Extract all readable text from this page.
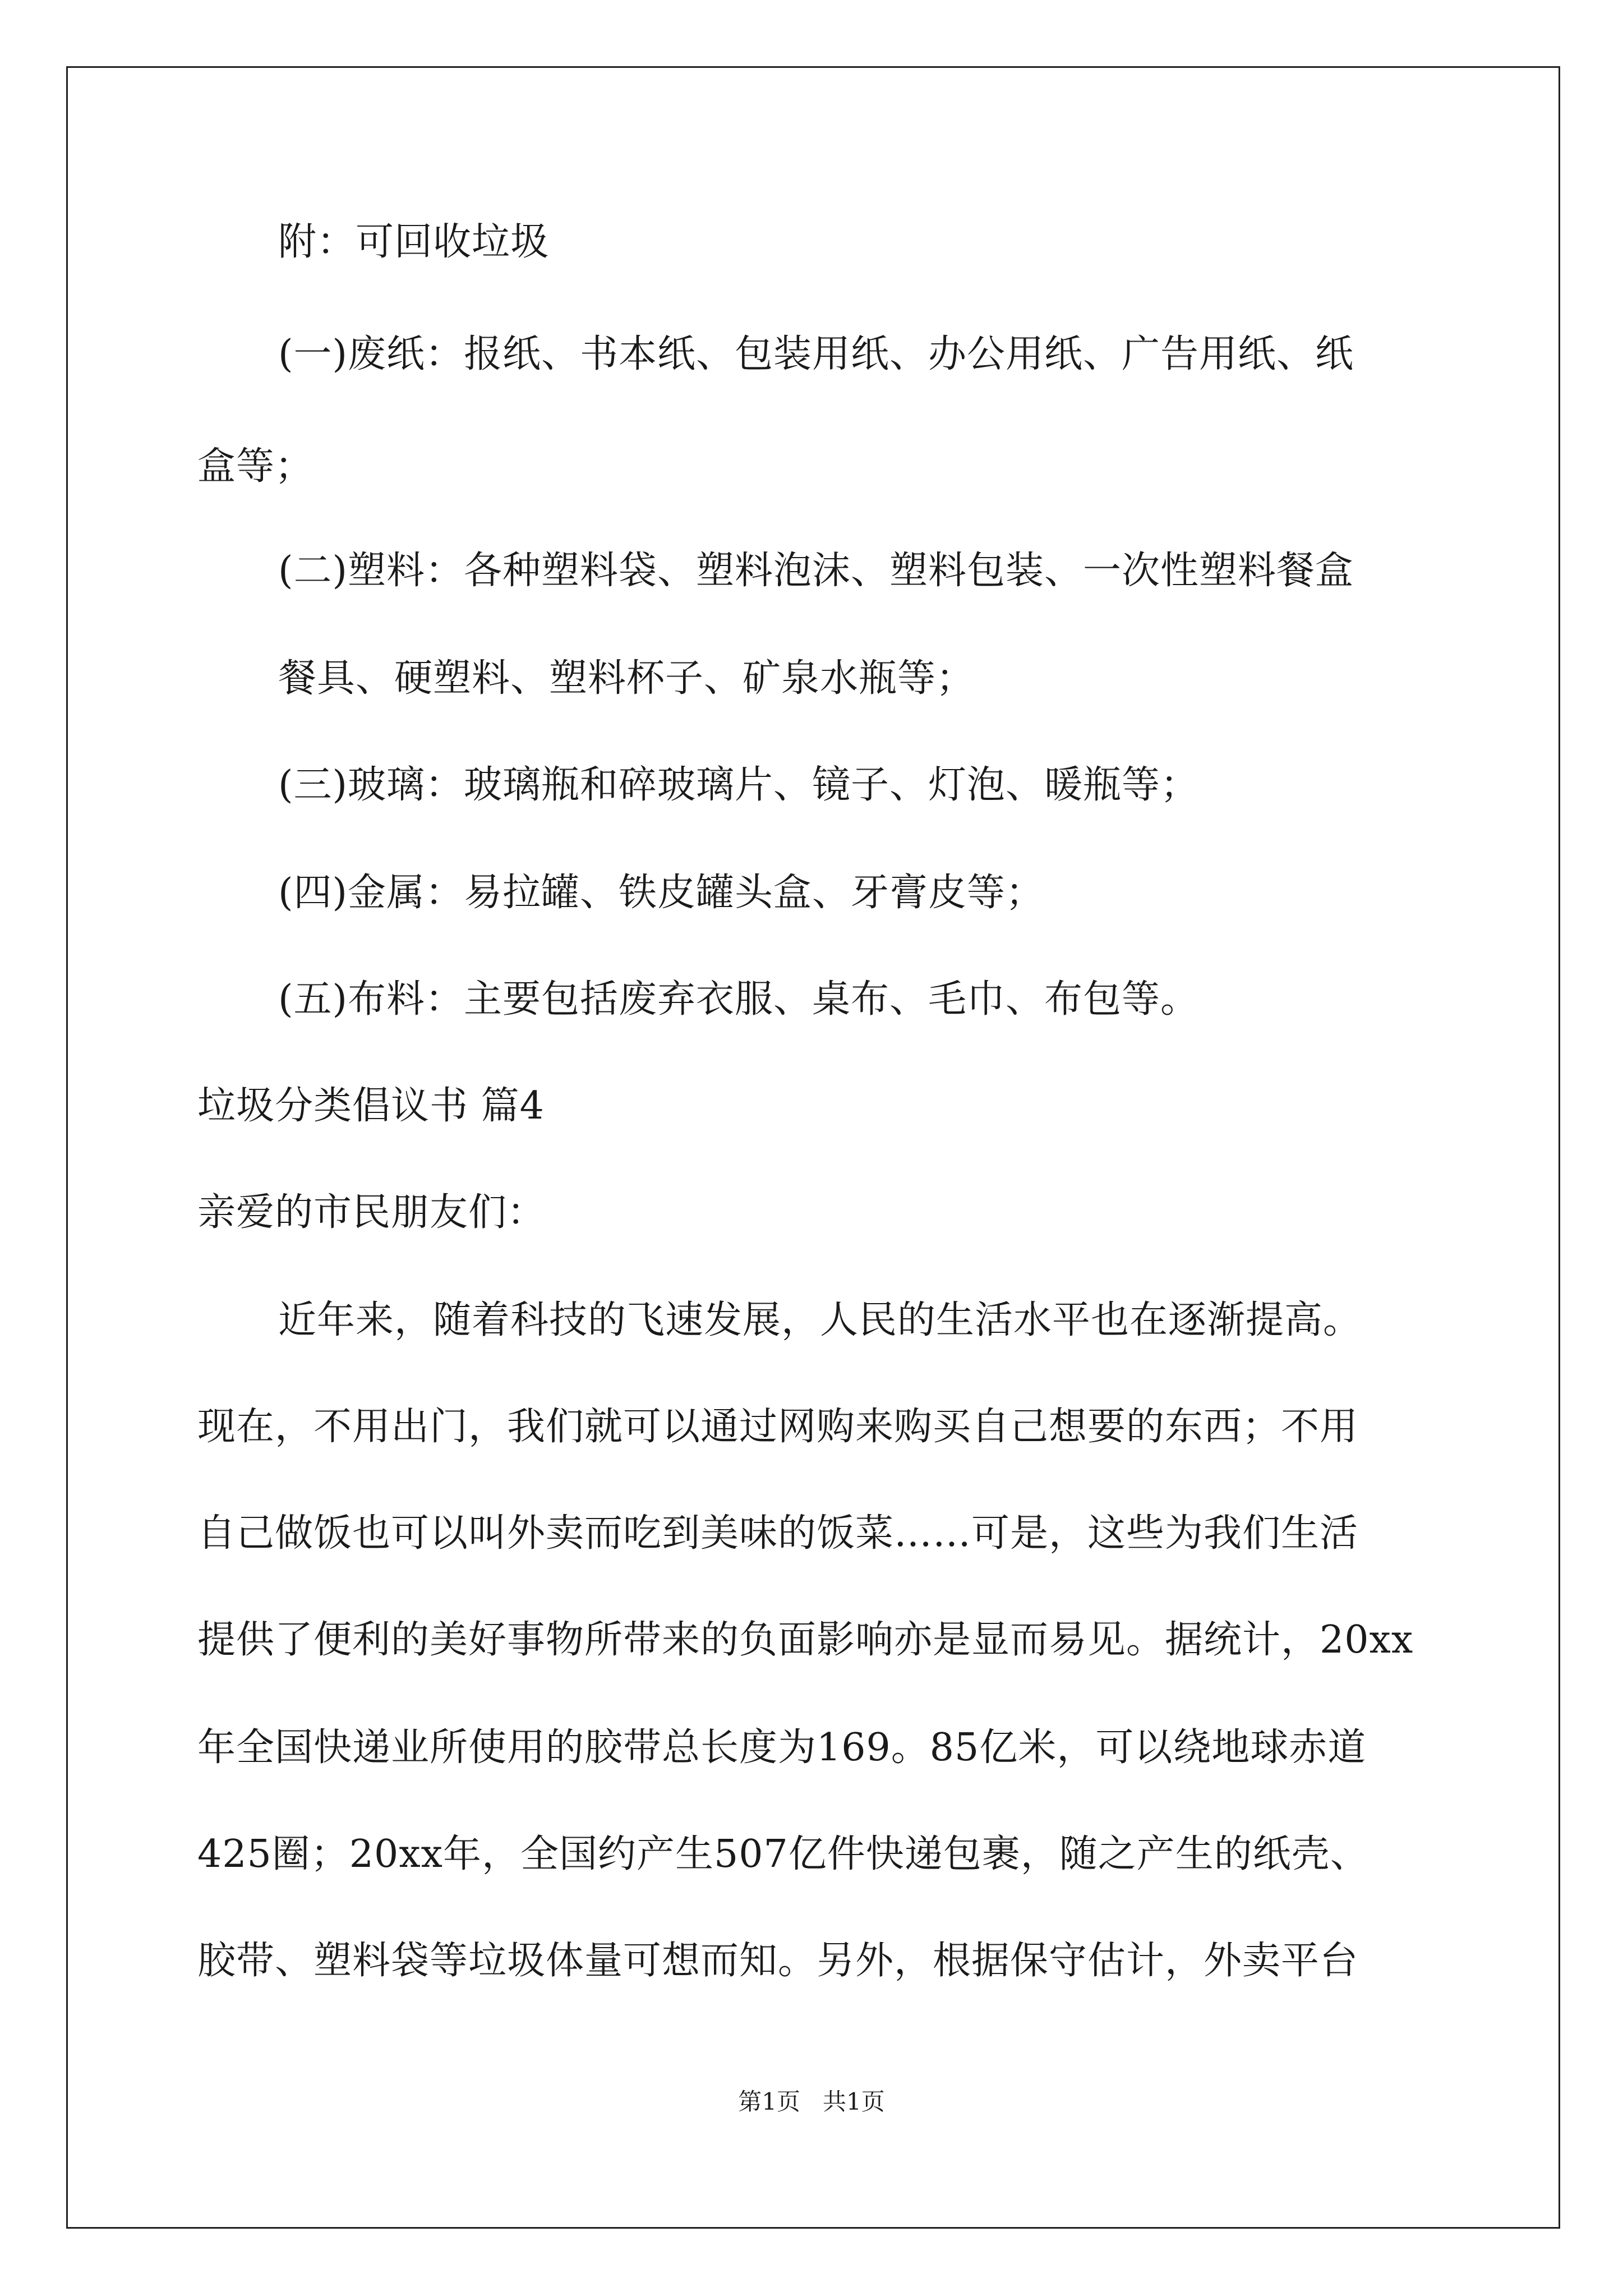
附：可回收垃圾
(一)废纸：报纸、书本纸、包装用纸、办公用纸、广告用纸、纸
盒等；
(二)塑料：各种塑料袋、塑料泡沫、塑料包装、一次性塑料餐盒
餐具、硬塑料、塑料杯子、矿泉水瓶等；
(三)玻璃：玻璃瓶和碎玻璃片、镜子、灯泡、暖瓶等；
(四)金属：易拉罐、铁皮罐头盒、牙膏皮等；
(五)布料：主要包括废弃衣服、桌布、毛巾、布包等。
垃圾分类倡议书 篇4
亲爱的市民朋友们：
近年来，随着科技的飞速发展，人民的生活水平也在逐渐提高。
现在，不用出门，我们就可以通过网购来购买自己想要的东西；不用
自己做饭也可以叫外卖而吃到美味的饭菜……可是，这些为我们生活
提供了便利的美好事物所带来的负面影响亦是显而易见。据统计，20xx
年全国快递业所使用的胶带总长度为169。85亿米，可以绕地球赤道
425圈；20xx年，全国约产生507亿件快递包裹，随之产生的纸壳、
胶带、塑料袋等垃圾体量可想而知。另外，根据保守估计，外卖平台
第1页   共1页
